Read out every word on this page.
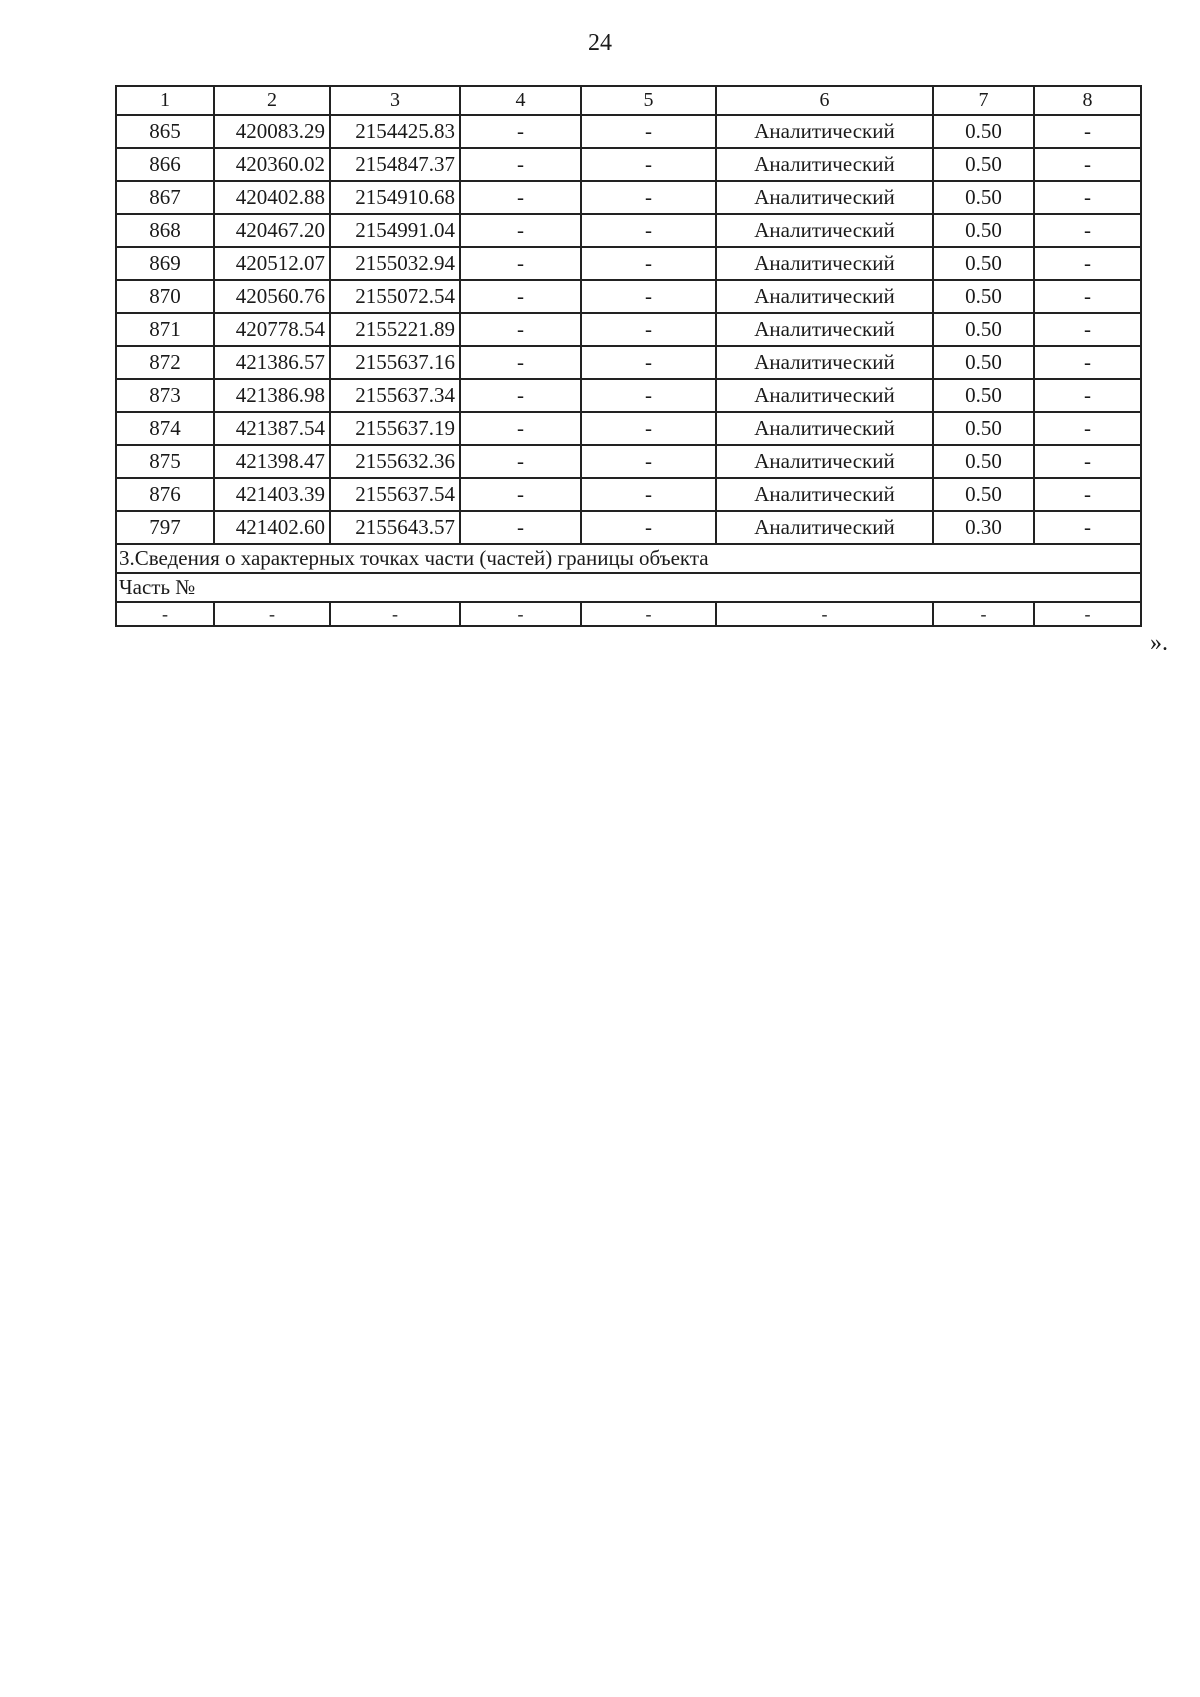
24
1	2	3	4	5	6	7	8
865	420083.29	2154425.83	-	-	Аналитический	0.50	-
866	420360.02	2154847.37	-	-	Аналитический	0.50	-
867	420402.88	2154910.68	-	-	Аналитический	0.50	-
868	420467.20	2154991.04	-	-	Аналитический	0.50	-
869	420512.07	2155032.94	-	-	Аналитический	0.50	-
870	420560.76	2155072.54	-	-	Аналитический	0.50	-
871	420778.54	2155221.89	-	-	Аналитический	0.50	-
872	421386.57	2155637.16	-	-	Аналитический	0.50	-
873	421386.98	2155637.34	-	-	Аналитический	0.50	-
874	421387.54	2155637.19	-	-	Аналитический	0.50	-
875	421398.47	2155632.36	-	-	Аналитический	0.50	-
876	421403.39	2155637.54	-	-	Аналитический	0.50	-
797	421402.60	2155643.57	-	-	Аналитический	0.30	-
3.Сведения о характерных точках части (частей) границы объекта							
Часть №							
-	-	-	-	-	-	-	-
».
